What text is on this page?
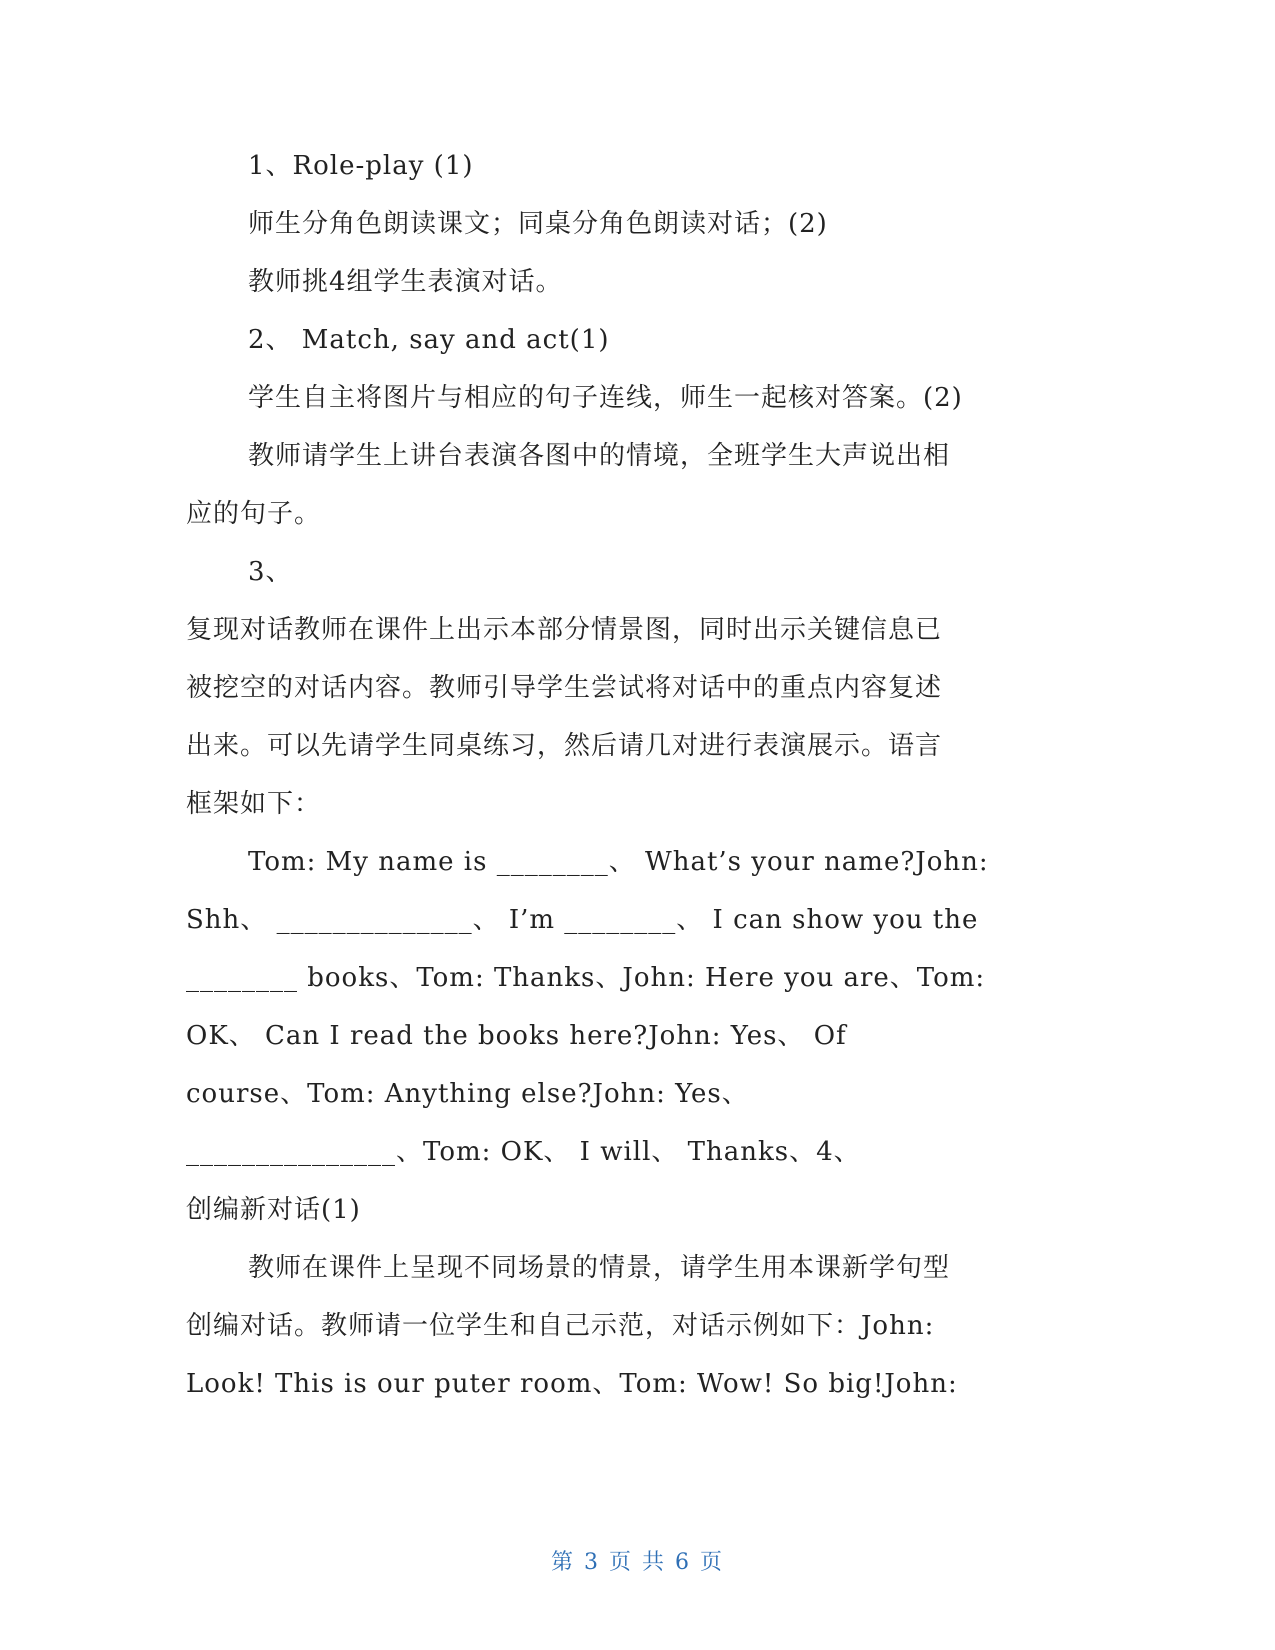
1、Role-play (1)
师生分角色朗读课文；同桌分角色朗读对话；(2)
教师挑4组学生表演对话。
2、 Match, say and act(1)
学生自主将图片与相应的句子连线，师生一起核对答案。(2)
教师请学生上讲台表演各图中的情境，全班学生大声说出相
应的句子。
3、
复现对话教师在课件上出示本部分情景图，同时出示关键信息已
被挖空的对话内容。教师引导学生尝试将对话中的重点内容复述
出来。可以先请学生同桌练习，然后请几对进行表演展示。语言
框架如下：
Tom: My name is ________、 What’s your name?John:
Shh、 ______________、 I’m ________、 I can show you the
________ books、Tom: Thanks、John: Here you are、Tom:
OK、 Can I read the books here?John: Yes、 Of
course、Tom: Anything else?John: Yes、
_______________、Tom: OK、 I will、 Thanks、4、
创编新对话(1)
教师在课件上呈现不同场景的情景，请学生用本课新学句型
创编对话。教师请一位学生和自己示范，对话示例如下：John:
Look! This is our puter room、Tom: Wow! So big!John:
第 3 页 共 6 页
